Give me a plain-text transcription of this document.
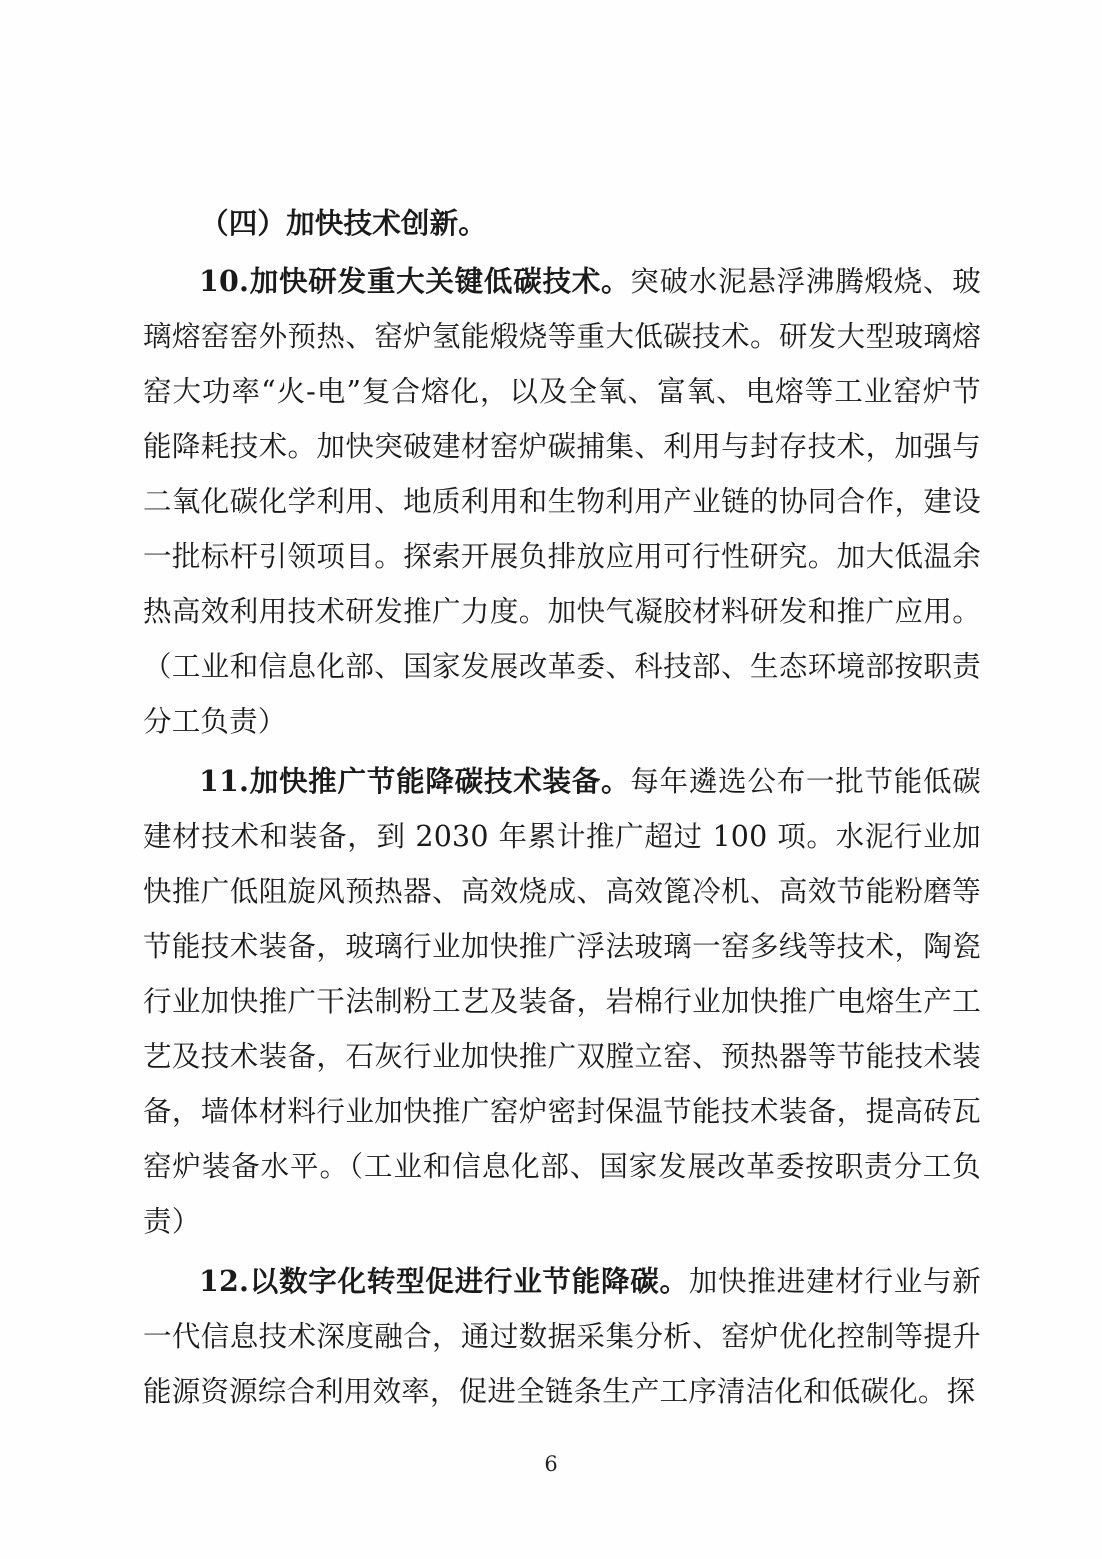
（四）加快技术创新。

10.加快研发重大关键低碳技术。突破水泥悬浮沸腾煅烧、玻璃熔窑窑外预热、窑炉氢能煅烧等重大低碳技术。研发大型玻璃熔窑大功率“火-电”复合熔化，以及全氧、富氧、电熔等工业窑炉节能降耗技术。加快突破建材窑炉碳捕集、利用与封存技术，加强与二氧化碳化学利用、地质利用和生物利用产业链的协同合作，建设一批标杆引领项目。探索开展负排放应用可行性研究。加大低温余热高效利用技术研发推广力度。加快气凝胶材料研发和推广应用。（工业和信息化部、国家发展改革委、科技部、生态环境部按职责分工负责）

11.加快推广节能降碳技术装备。每年遴选公布一批节能低碳建材技术和装备，到 2030 年累计推广超过 100 项。水泥行业加快推广低阻旋风预热器、高效烧成、高效篦冷机、高效节能粉磨等节能技术装备，玻璃行业加快推广浮法玻璃一窑多线等技术，陶瓷行业加快推广干法制粉工艺及装备，岩棉行业加快推广电熔生产工艺及技术装备，石灰行业加快推广双膛立窑、预热器等节能技术装备，墙体材料行业加快推广窑炉密封保温节能技术装备，提高砖瓦窑炉装备水平。（工业和信息化部、国家发展改革委按职责分工负责）

12.以数字化转型促进行业节能降碳。加快推进建材行业与新一代信息技术深度融合，通过数据采集分析、窑炉优化控制等提升能源资源综合利用效率，促进全链条生产工序清洁化和低碳化。探

6
